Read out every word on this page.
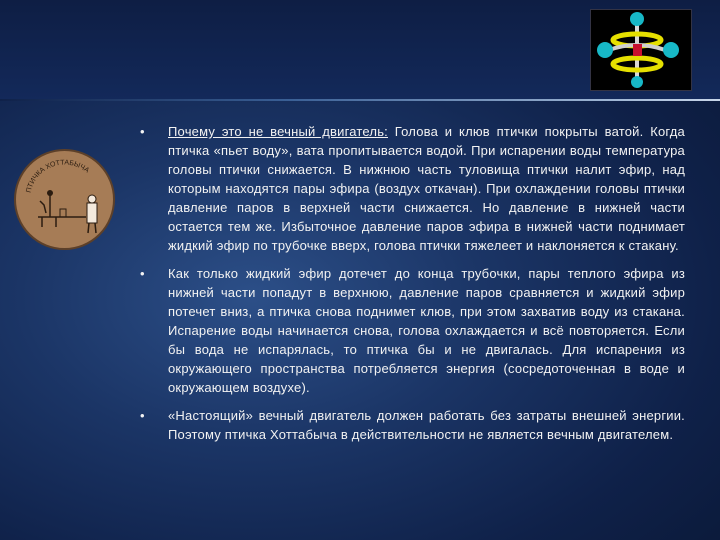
ПТИЧКА ХОТТАБЫЧА
•	Почему это не вечный двигатель: Голова и клюв птички покрыты ватой. Когда птичка «пьет воду», вата пропитывается водой. При испарении воды температура головы птички снижается. В нижнюю часть туловища птички налит эфир, над которым находятся пары эфира (воздух откачан). При охлаждении головы птички давление паров в верхней части снижается. Но давление в нижней части остается тем же. Избыточное давление паров эфира в нижней части поднимает жидкий эфир по трубочке вверх, голова птички тяжелеет и наклоняется к стакану.
•	Как только жидкий эфир дотечет до конца трубочки, пары теплого эфира из нижней части попадут в верхнюю, давление паров сравняется и жидкий эфир потечет вниз, а птичка снова поднимет клюв, при этом захватив воду из стакана. Испарение воды начинается снова, голова охлаждается и всё повторяется. Если бы вода не испарялась, то птичка бы и не двигалась. Для испарения из окружающего пространства потребляется энергия (сосредоточенная в воде и окружающем воздухе).
•	«Настоящий» вечный двигатель должен работать без затраты внешней энергии. Поэтому птичка Хоттабыча в действительности не является вечным двигателем.
